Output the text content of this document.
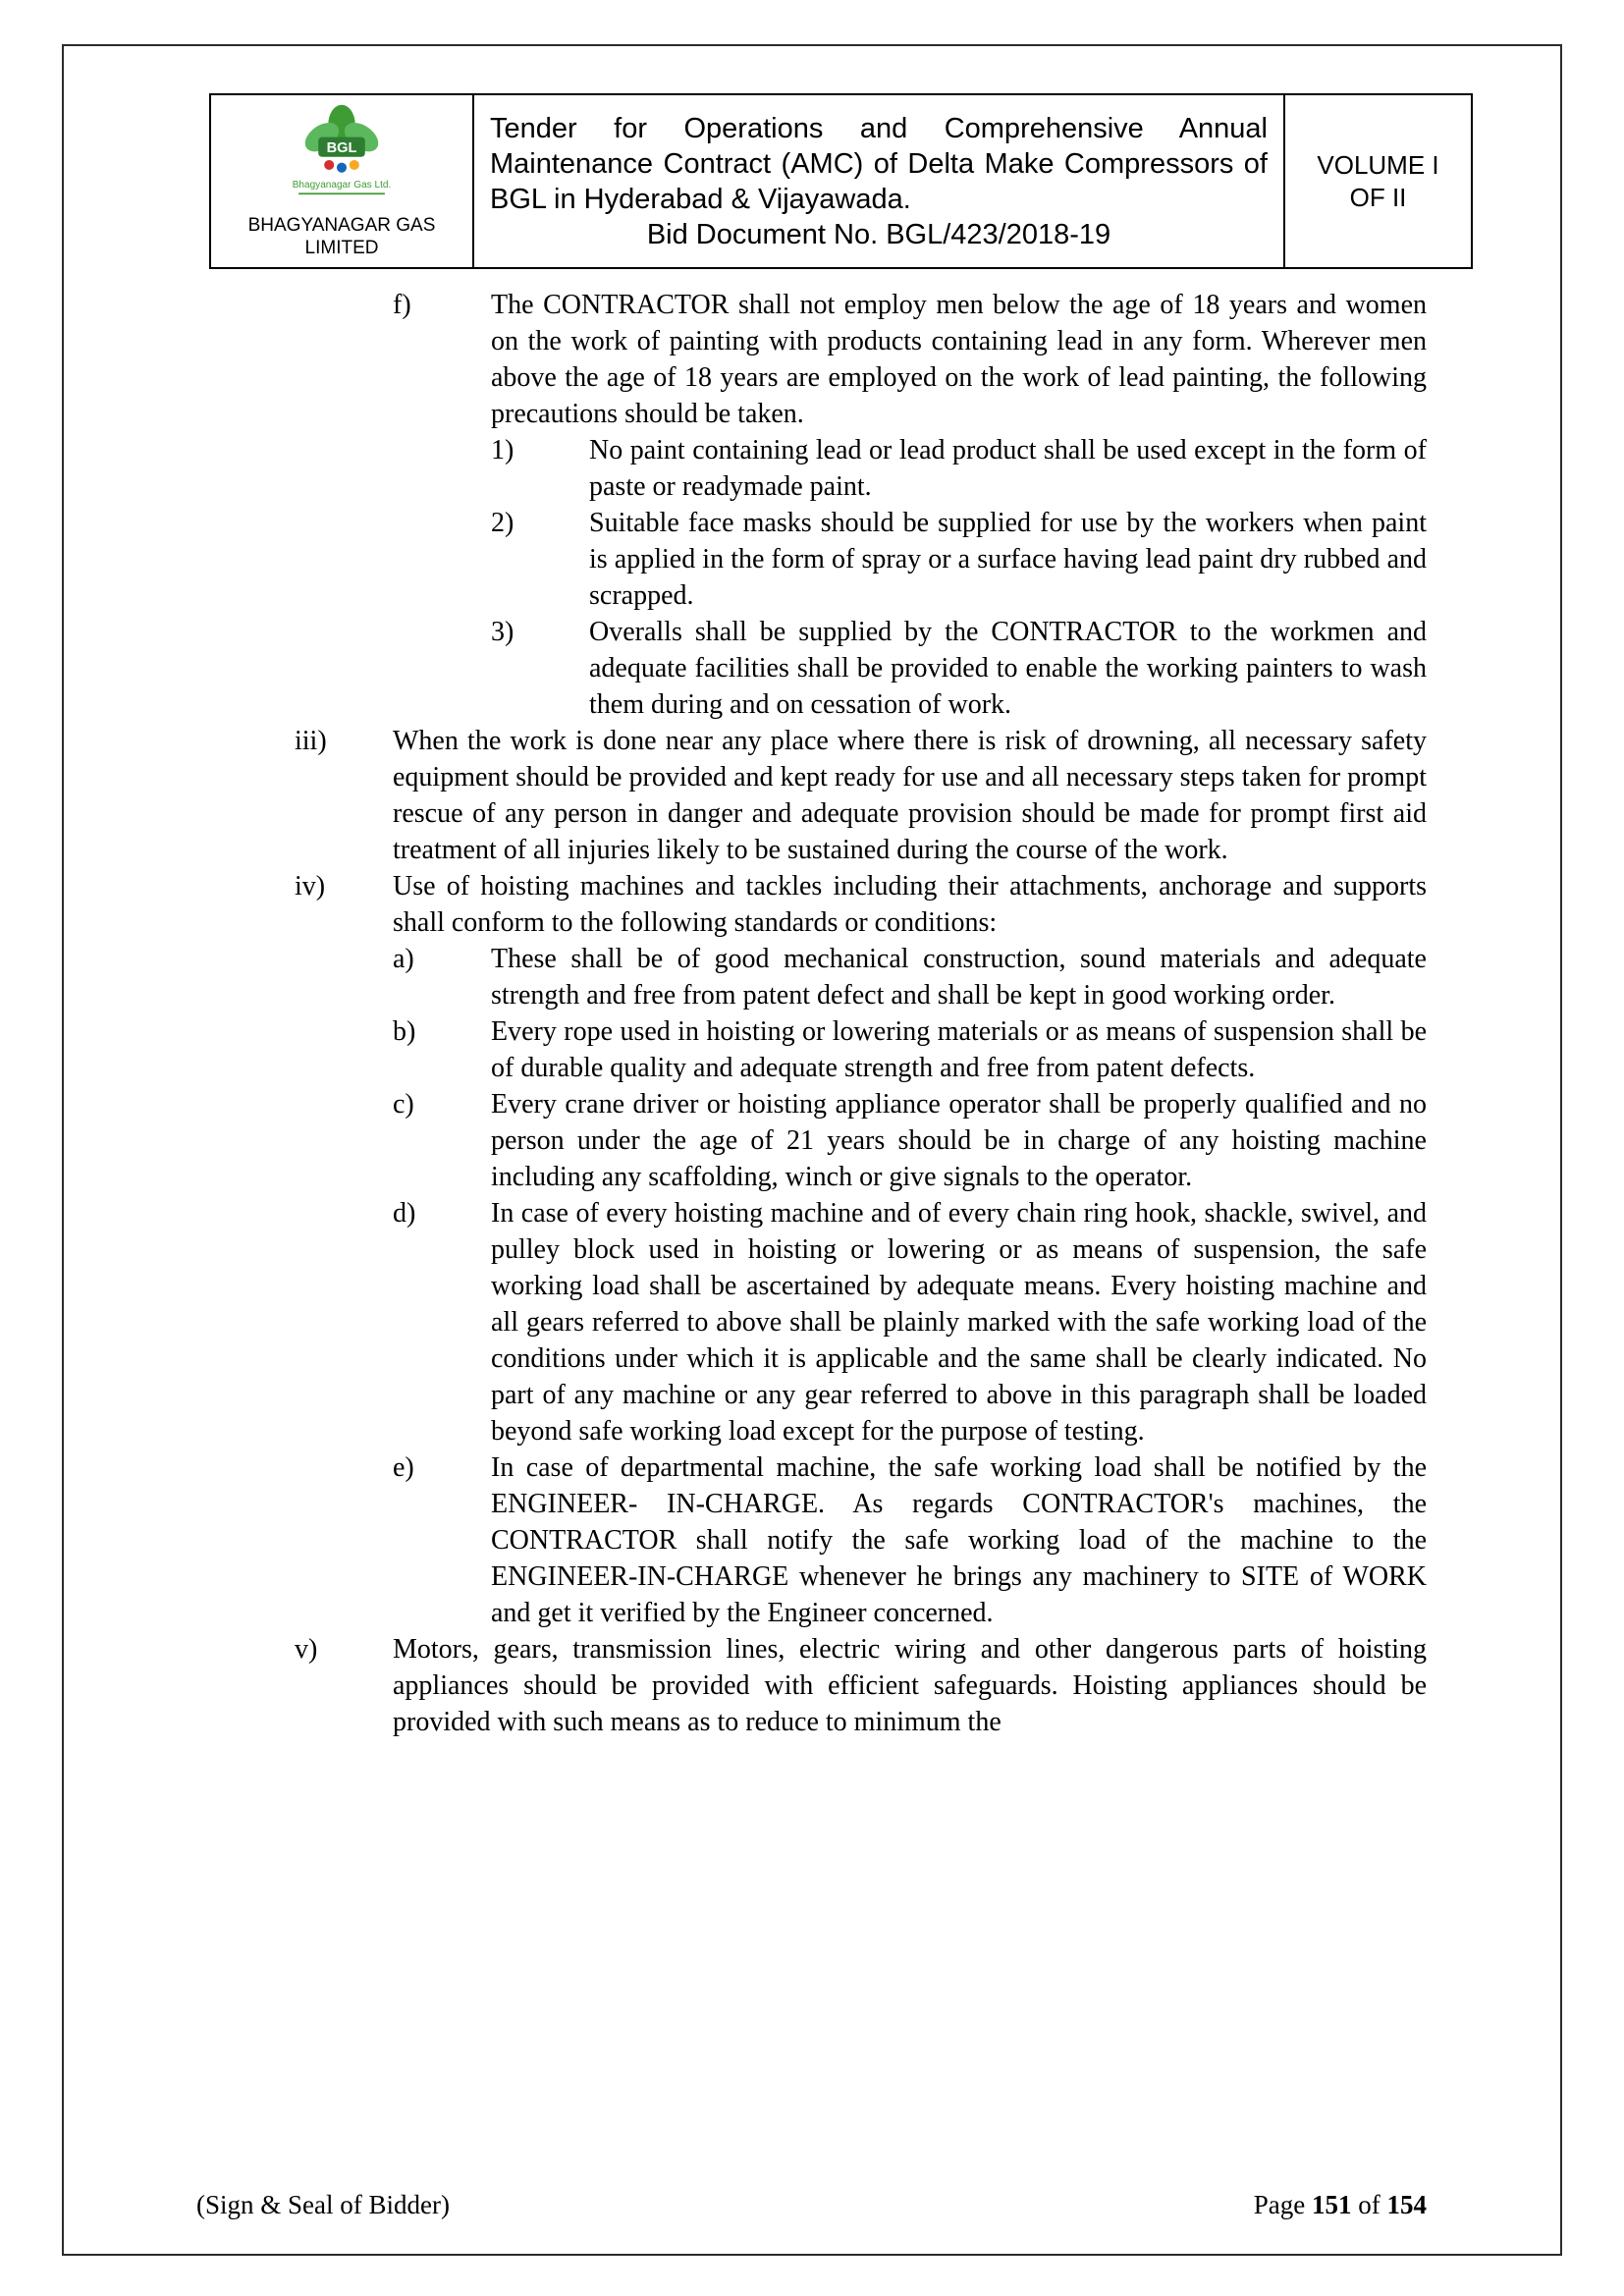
BGL
Bhagyanagar Gas Ltd.
BHAGYANAGAR GAS LIMITED

Tender for Operations and Comprehensive Annual Maintenance Contract (AMC) of Delta Make Compressors of BGL in Hyderabad & Vijayawada.
Bid Document No. BGL/423/2018-19

VOLUME I
OF II
f)	The CONTRACTOR shall not employ men below the age of 18 years and women on the work of painting with products containing lead in any form. Wherever men above the age of 18 years are employed on the work of lead painting, the following precautions should be taken.
1)	No paint containing lead or lead product shall be used except in the form of paste or readymade paint.
2)	Suitable face masks should be supplied for use by the workers when paint is applied in the form of spray or a surface having lead paint dry rubbed and scrapped.
3)	Overalls shall be supplied by the CONTRACTOR to the workmen and adequate facilities shall be provided to enable the working painters to wash them during and on cessation of work.
iii)	When the work is done near any place where there is risk of drowning, all necessary safety equipment should be provided and kept ready for use and all necessary steps taken for prompt rescue of any person in danger and adequate provision should be made for prompt first aid treatment of all injuries likely to be sustained during the course of the work.
iv)	Use of hoisting machines and tackles including their attachments, anchorage and supports shall conform to the following standards or conditions:
a)	These shall be of good mechanical construction, sound materials and adequate strength and free from patent defect and shall be kept in good working order.
b)	Every rope used in hoisting or lowering materials or as means of suspension shall be of durable quality and adequate strength and free from patent defects.
c)	Every crane driver or hoisting appliance operator shall be properly qualified and no person under the age of 21 years should be in charge of any hoisting machine including any scaffolding, winch or give signals to the operator.
d)	In case of every hoisting machine and of every chain ring hook, shackle, swivel, and pulley block used in hoisting or lowering or as means of suspension, the safe working load shall be ascertained by adequate means. Every hoisting machine and all gears referred to above shall be plainly marked with the safe working load of the conditions under which it is applicable and the same shall be clearly indicated. No part of any machine or any gear referred to above in this paragraph shall be loaded beyond safe working load except for the purpose of testing.
e)	In case of departmental machine, the safe working load shall be notified by the ENGINEER- IN-CHARGE. As regards CONTRACTOR's machines, the CONTRACTOR shall notify the safe working load of the machine to the ENGINEER-IN-CHARGE whenever he brings any machinery to SITE of WORK and get it verified by the Engineer concerned.
v)	Motors, gears, transmission lines, electric wiring and other dangerous parts of hoisting appliances should be provided with efficient safeguards. Hoisting appliances should be provided with such means as to reduce to minimum the
(Sign & Seal of Bidder)	Page 151 of 154
